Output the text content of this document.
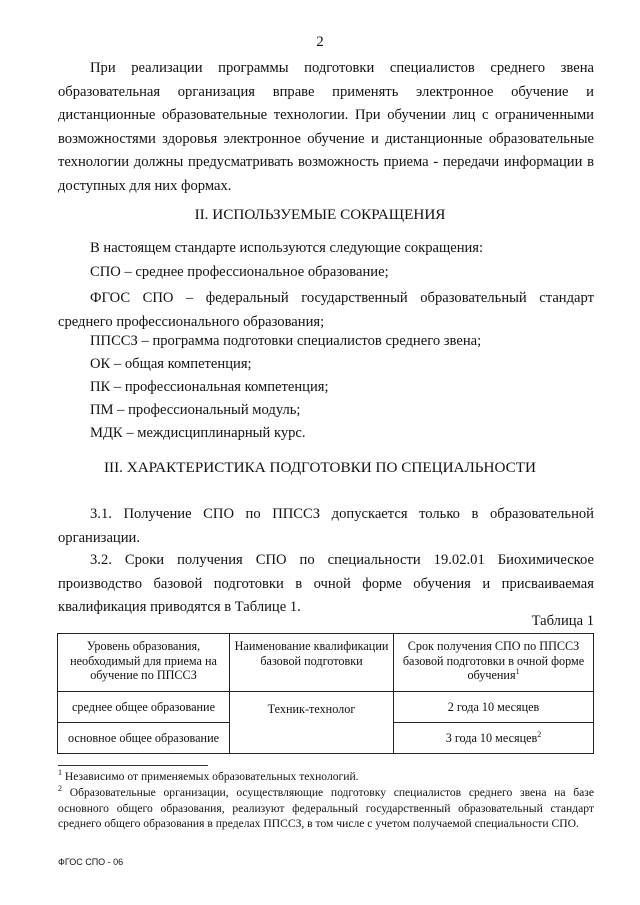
2

При реализации программы подготовки специалистов среднего звена образовательная организация вправе применять электронное обучение и дистанционные образовательные технологии. При обучении лиц с ограниченными возможностями здоровья электронное обучение и дистанционные образовательные технологии должны предусматривать возможность приема - передачи информации в доступных для них формах.

II. ИСПОЛЬЗУЕМЫЕ СОКРАЩЕНИЯ

В настоящем стандарте используются следующие сокращения:

СПО – среднее профессиональное образование;

ФГОС СПО – федеральный государственный образовательный стандарт среднего профессионального образования;

ППССЗ – программа подготовки специалистов среднего звена;

ОК – общая компетенция;

ПК – профессиональная компетенция;

ПМ – профессиональный модуль;

МДК – междисциплинарный курс.

III. ХАРАКТЕРИСТИКА ПОДГОТОВКИ ПО СПЕЦИАЛЬНОСТИ

3.1. Получение СПО по ППССЗ допускается только в образовательной организации.

3.2. Сроки получения СПО по специальности 19.02.01 Биохимическое производство базовой подготовки в очной форме обучения и присваиваемая квалификация приводятся в Таблице 1.

Таблица 1
Уровень образования, необходимый для приема на обучение по ППССЗ	Наименование квалификации базовой подготовки	Срок получения СПО по ППССЗ базовой подготовки в очной форме обучения$^1$
среднее общее образование	Техник-технолог	2 года 10 месяцев
основное общее образование		3 года 10 месяцев$^2$

$^1$ Независимо от применяемых образовательных технологий.

$^2$ Образовательные организации, осуществляющие подготовку специалистов среднего звена на базе основного общего образования, реализуют федеральный государственный образовательный стандарт среднего общего образования в пределах ППССЗ, в том числе с учетом получаемой специальности СПО.

ФГОС СПО - 06
